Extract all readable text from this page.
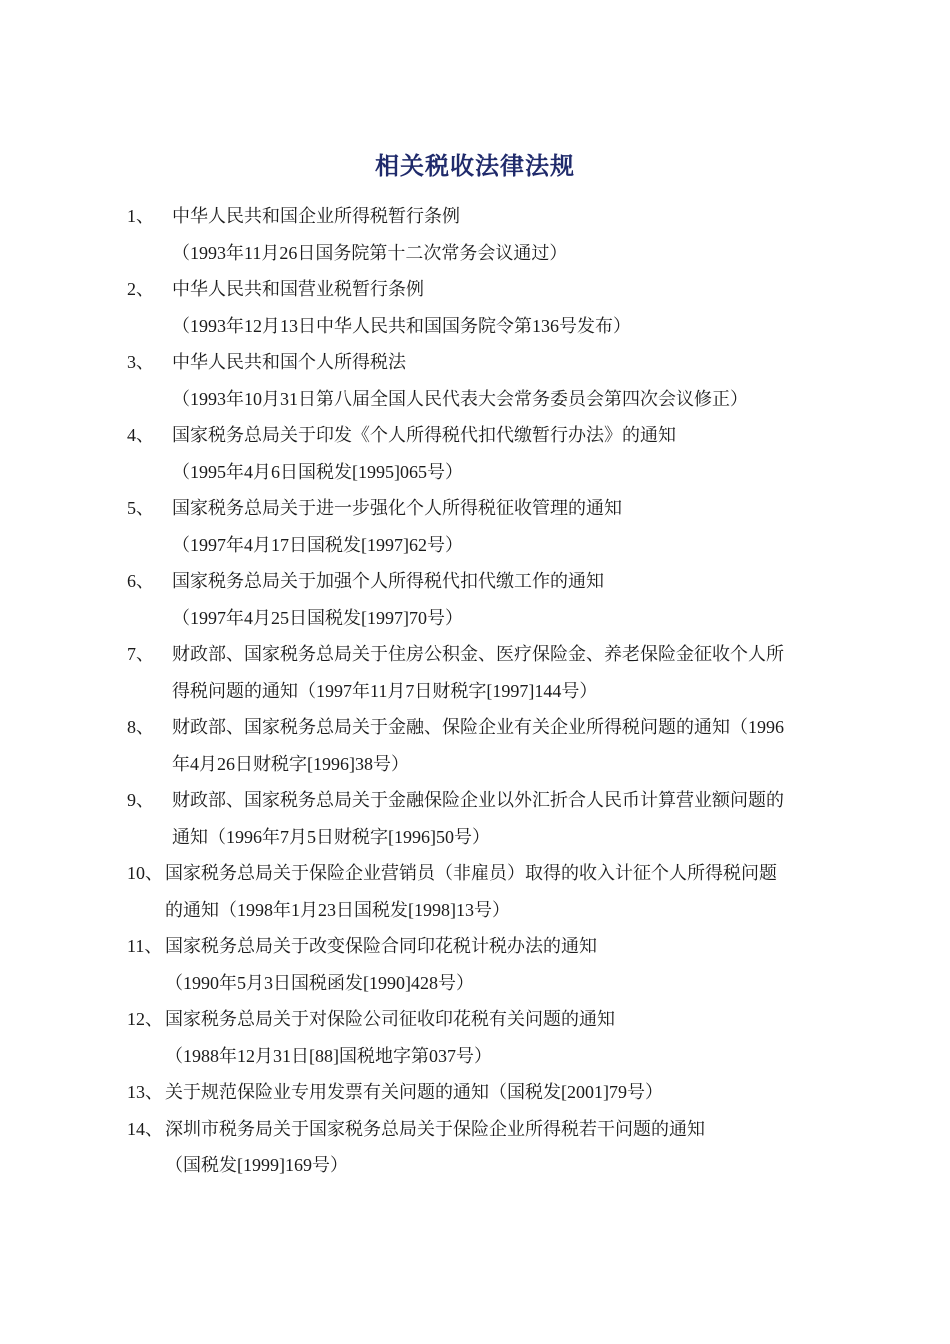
相关税收法律法规
1、	中华人民共和国企业所得税暂行条例
（1993年11月26日国务院第十二次常务会议通过）
2、	中华人民共和国营业税暂行条例
（1993年12月13日中华人民共和国国务院令第136号发布）
3、	中华人民共和国个人所得税法
（1993年10月31日第八届全国人民代表大会常务委员会第四次会议修正）
4、	国家税务总局关于印发《个人所得税代扣代缴暂行办法》的通知
（1995年4月6日国税发[1995]065号）
5、	国家税务总局关于进一步强化个人所得税征收管理的通知
（1997年4月17日国税发[1997]62号）
6、	国家税务总局关于加强个人所得税代扣代缴工作的通知
（1997年4月25日国税发[1997]70号）
7、	财政部、国家税务总局关于住房公积金、医疗保险金、养老保险金征收个人所
得税问题的通知（1997年11月7日财税字[1997]144号）
8、	财政部、国家税务总局关于金融、保险企业有关企业所得税问题的通知（1996
年4月26日财税字[1996]38号）
9、	财政部、国家税务总局关于金融保险企业以外汇折合人民币计算营业额问题的
通知（1996年7月5日财税字[1996]50号）
10、 国家税务总局关于保险企业营销员（非雇员）取得的收入计征个人所得税问题
的通知（1998年1月23日国税发[1998]13号）
11、 国家税务总局关于改变保险合同印花税计税办法的通知
（1990年5月3日国税函发[1990]428号）
12、 国家税务总局关于对保险公司征收印花税有关问题的通知
（1988年12月31日[88]国税地字第037号）
13、 关于规范保险业专用发票有关问题的通知（国税发[2001]79号）
14、 深圳市税务局关于国家税务总局关于保险企业所得税若干问题的通知
（国税发[1999]169号）
